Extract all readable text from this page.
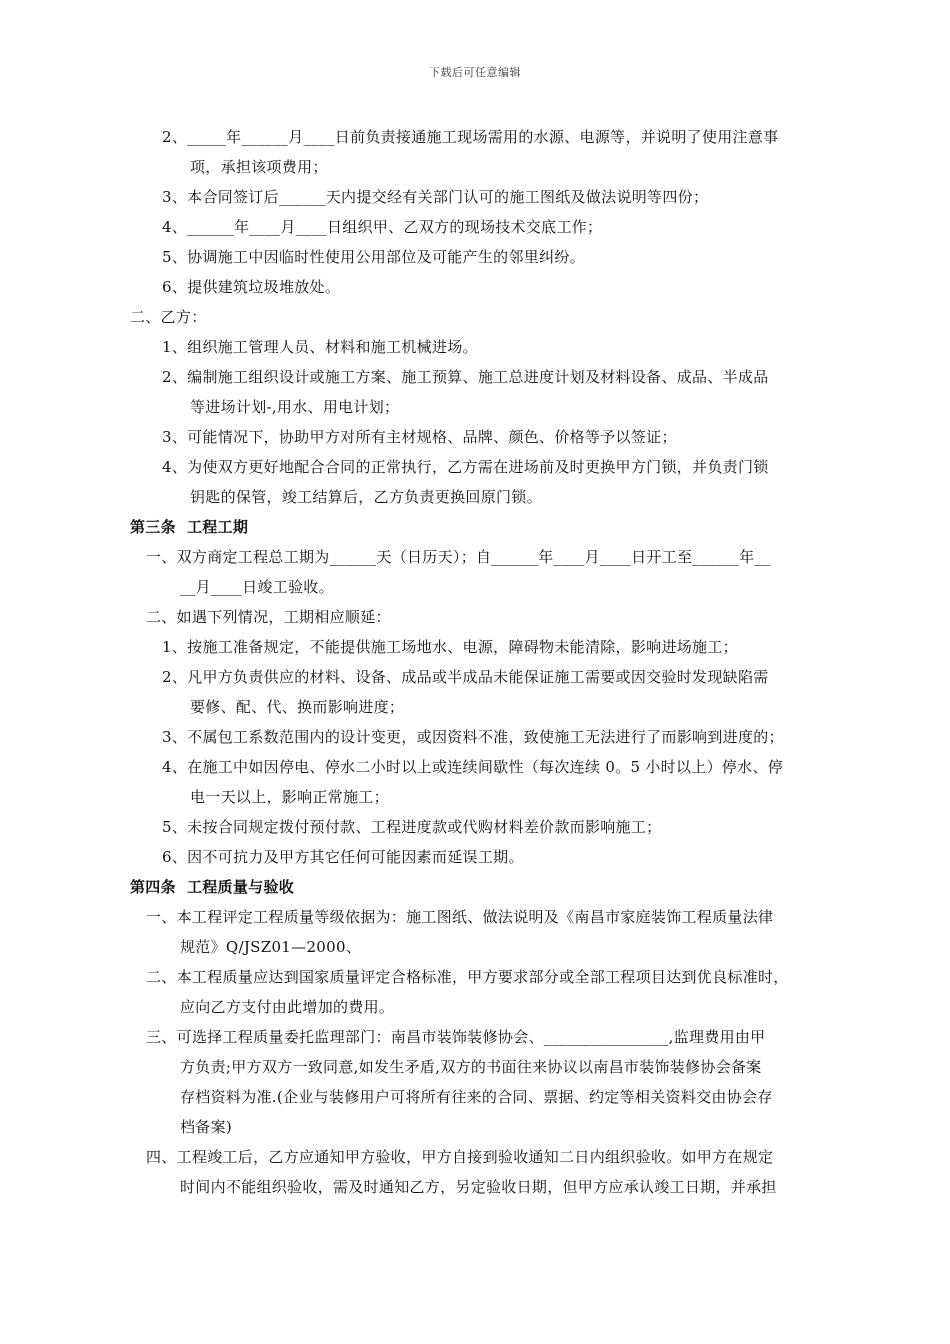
下载后可任意编辑
2、_____年______月____日前负责接通施工现场需用的水源、电源等，并说明了使用注意事
项，承担该项费用；
3、本合同签订后______天内提交经有关部门认可的施工图纸及做法说明等四份；
4、______年____月____日组织甲、乙双方的现场技术交底工作；
5、协调施工中因临时性使用公用部位及可能产生的邻里纠纷。
6、提供建筑垃圾堆放处。
二、乙方：
1、组织施工管理人员、材料和施工机械进场。
2、编制施工组织设计或施工方案、施工预算、施工总进度计划及材料设备、成品、半成品
等进场计划-,用水、用电计划；
3、可能情况下，协助甲方对所有主材规格、品牌、颜色、价格等予以签证；
4、为使双方更好地配合合同的正常执行，乙方需在进场前及时更换甲方门锁，并负责门锁
钥匙的保管，竣工结算后，乙方负责更换回原门锁。
第三条  工程工期
一、双方商定工程总工期为______天（日历天）；自______年____月____日开工至______年__
__月____日竣工验收。
二、如遇下列情况，工期相应顺延：
1、按施工准备规定，不能提供施工场地水、电源，障碍物未能清除，影响进场施工；
2、凡甲方负责供应的材料、设备、成品或半成品未能保证施工需要或因交验时发现缺陷需
要修、配、代、换而影响进度；
3、不属包工系数范围内的设计变更，或因资料不准，致使施工无法进行了而影响到进度的；
4、在施工中如因停电、停水二小时以上或连续间歇性（每次连续 0。5 小时以上）停水、停
电一天以上，影响正常施工；
5、未按合同规定拨付预付款、工程进度款或代购材料差价款而影响施工；
6、因不可抗力及甲方其它任何可能因素而延误工期。
第四条  工程质量与验收
一、本工程评定工程质量等级依据为：施工图纸、做法说明及《南昌市家庭装饰工程质量法律
规范》Q/JSZ01—2000、
二、本工程质量应达到国家质量评定合格标准，甲方要求部分或全部工程项目达到优良标准时，
应向乙方支付由此增加的费用。
三、可选择工程质量委托监理部门：南昌市装饰装修协会、________________,监理费用由甲
方负责;甲方双方一致同意,如发生矛盾,双方的书面往来协议以南昌市装饰装修协会备案
存档资料为准.(企业与装修用户可将所有往来的合同、票据、约定等相关资料交由协会存
档备案)
四、工程竣工后，乙方应通知甲方验收，甲方自接到验收通知二日内组织验收。如甲方在规定
时间内不能组织验收，需及时通知乙方，另定验收日期，但甲方应承认竣工日期，并承担
